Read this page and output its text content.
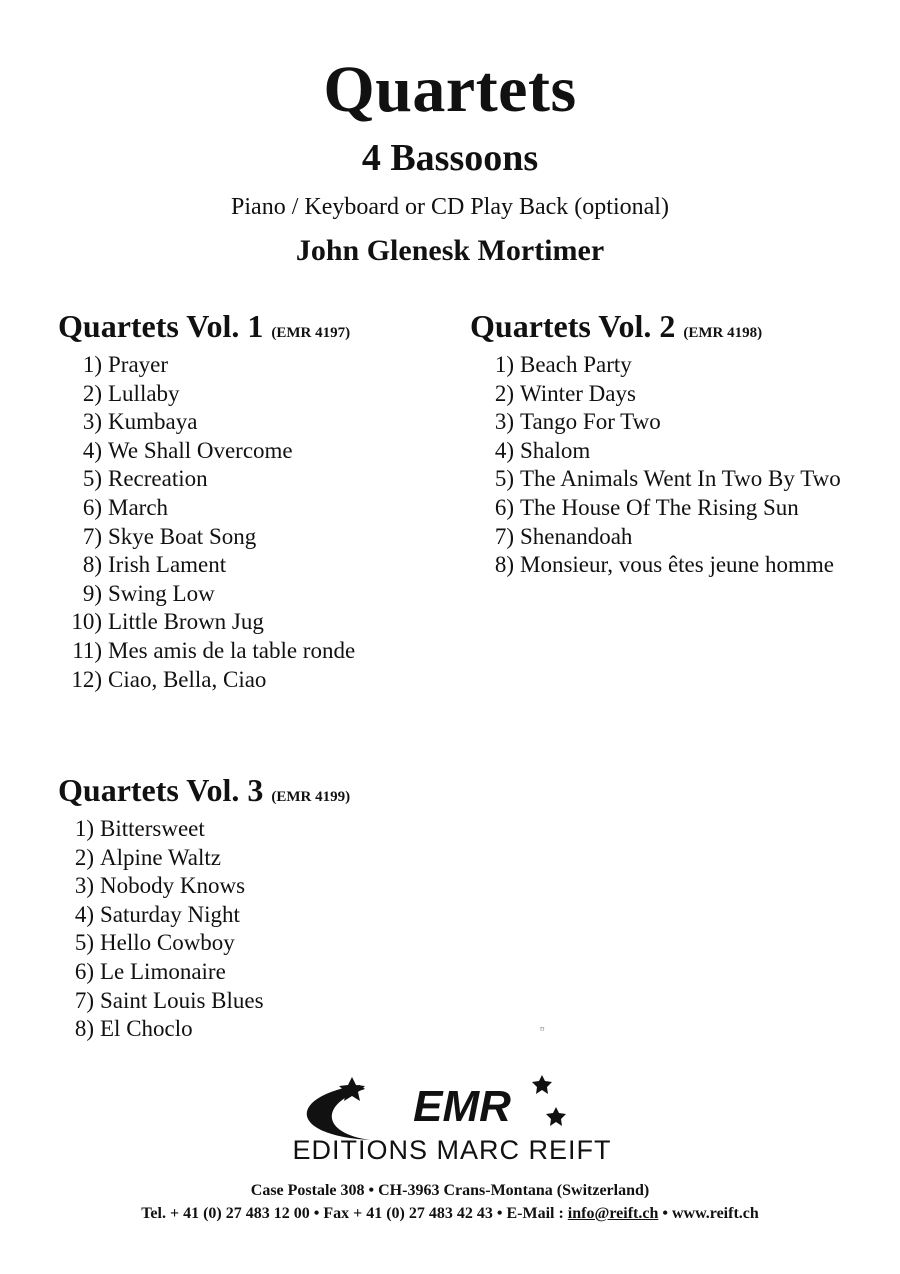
Quartets
4 Bassoons
Piano / Keyboard or CD Play Back (optional)
John Glenesk Mortimer
Quartets Vol. 1 (EMR 4197)
1) Prayer
2) Lullaby
3) Kumbaya
4) We Shall Overcome
5) Recreation
6) March
7) Skye Boat Song
8) Irish Lament
9) Swing Low
10) Little Brown Jug
11) Mes amis de la table ronde
12) Ciao, Bella, Ciao
Quartets Vol. 2 (EMR 4198)
1) Beach Party
2) Winter Days
3) Tango For Two
4) Shalom
5) The Animals Went In Two By Two
6) The House Of The Rising Sun
7) Shenandoah
8) Monsieur, vous êtes jeune homme
Quartets Vol. 3 (EMR 4199)
1) Bittersweet
2) Alpine Waltz
3) Nobody Knows
4) Saturday Night
5) Hello Cowboy
6) Le Limonaire
7) Saint Louis Blues
8) El Choclo	ᶷ
EMR
EDITIONS MARC REIFT
Case Postale 308 • CH-3963 Crans-Montana (Switzerland)
Tel. + 41 (0) 27 483 12 00 • Fax + 41 (0) 27 483 42 43 • E-Mail : info@reift.ch • www.reift.ch
